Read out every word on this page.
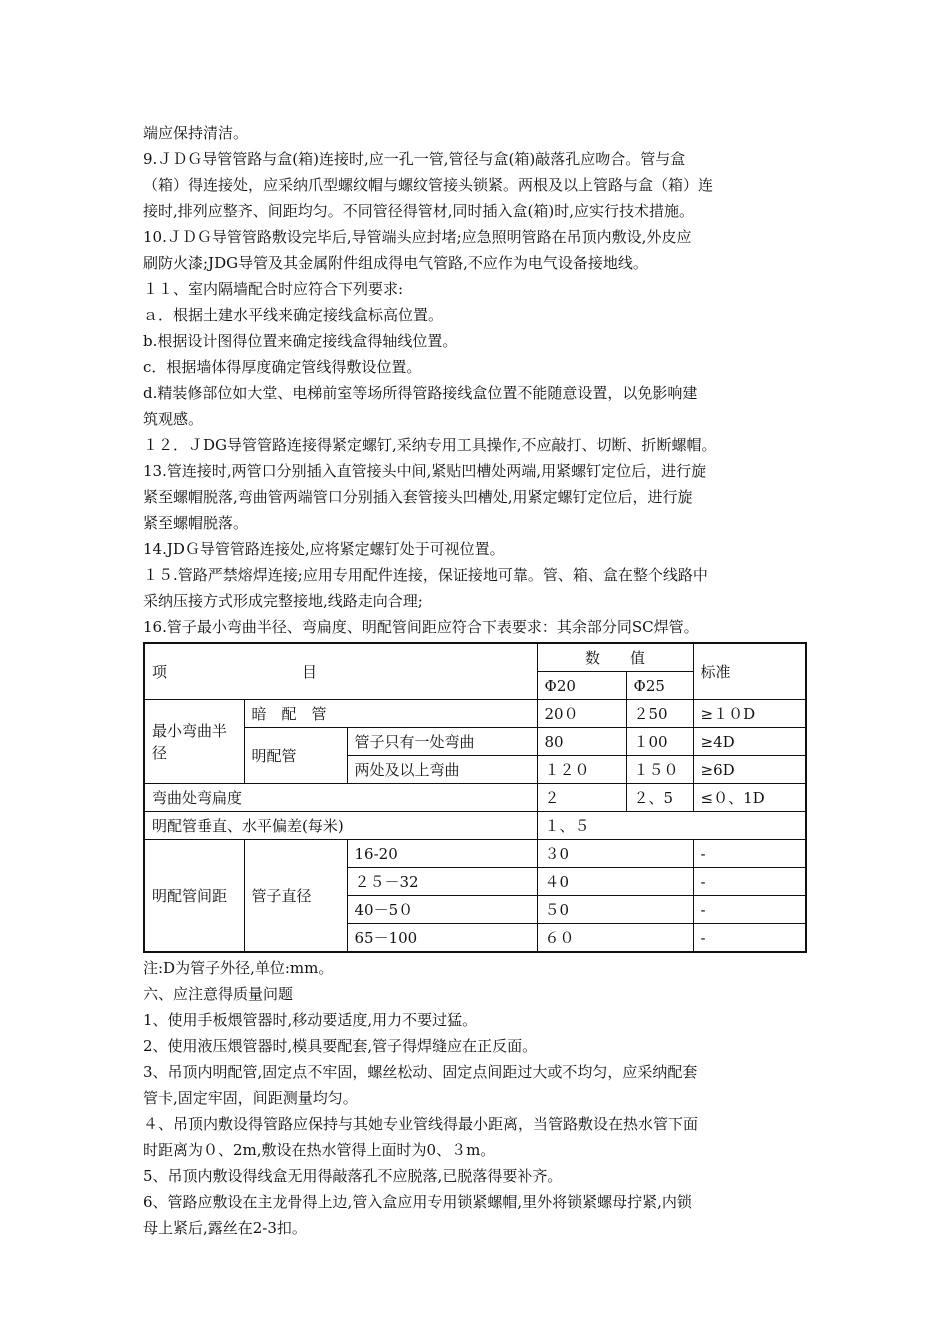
端应保持清洁。
9.ＪＤＧ导管管路与盒(箱)连接时,应一孔一管,管径与盒(箱)敲落孔应吻合。管与盒
（箱）得连接处，应采纳爪型螺纹帽与螺纹管接头锁紧。两根及以上管路与盒（箱）连
接时,排列应整齐、间距均匀。不同管径得管材,同时插入盒(箱)时,应实行技术措施。
10.ＪＤＧ导管管路敷设完毕后,导管端头应封堵;应急照明管路在吊顶内敷设,外皮应
刷防火漆;JDG导管及其金属附件组成得电气管路,不应作为电气设备接地线。
１１、室内隔墙配合时应符合下列要求:
ａ．根据土建水平线来确定接线盒标高位置。
b.根据设计图得位置来确定接线盒得轴线位置。
c．根据墙体得厚度确定管线得敷设位置。
d.精装修部位如大堂、电梯前室等场所得管路接线盒位置不能随意设置，以免影响建
筑观感。
１２．ＪDG导管管路连接得紧定螺钉,采纳专用工具操作,不应敲打、切断、折断螺帽。
13.管连接时,两管口分别插入直管接头中间,紧贴凹槽处两端,用紧螺钉定位后，进行旋
紧至螺帽脱落,弯曲管两端管口分别插入套管接头凹槽处,用紧定螺钉定位后，进行旋
紧至螺帽脱落。
14.JDＧ导管管路连接处,应将紧定螺钉处于可视位置。
１５.管路严禁熔焊连接;应用专用配件连接，保证接地可靠。管、箱、盒在整个线路中
采纳压接方式形成完整接地,线路走向合理;
16.管子最小弯曲半径、弯扁度、明配管间距应符合下表要求：其余部分同SC焊管。
项　　　　　　　　　目			数　　值		标准
			Φ20	Φ25	
最小弯曲半径	暗　配　管		20０	２50	≥１０D
	明配管	管子只有一处弯曲	80	１00	≥4D
		两处及以上弯曲	１２０	１５０	≥6D
弯曲处弯扁度			２	２、5	≤０、1D
明配管垂直、水平偏差(每米)			１、５		
明配管间距	管子直径	16-20	３0		-
		２５－32	４0		-
		40－5０	５0		-
		65－100	６０		-
注:D为管子外径,单位:mm。
六、应注意得质量问题
1、使用手板煨管器时,移动要适度,用力不要过猛。
2、使用液压煨管器时,模具要配套,管子得焊缝应在正反面。
3、吊顶内明配管,固定点不牢固，螺丝松动、固定点间距过大或不均匀，应采纳配套
管卡,固定牢固，间距测量均匀。
４、吊顶内敷设得管路应保持与其她专业管线得最小距离，当管路敷设在热水管下面
时距离为０、2m,敷设在热水管得上面时为0、３m。
5、吊顶内敷设得线盒无用得敲落孔不应脱落,已脱落得要补齐。
6、管路应敷设在主龙骨得上边,管入盒应用专用锁紧螺帽,里外将锁紧螺母拧紧,内锁
母上紧后,露丝在2-3扣。
